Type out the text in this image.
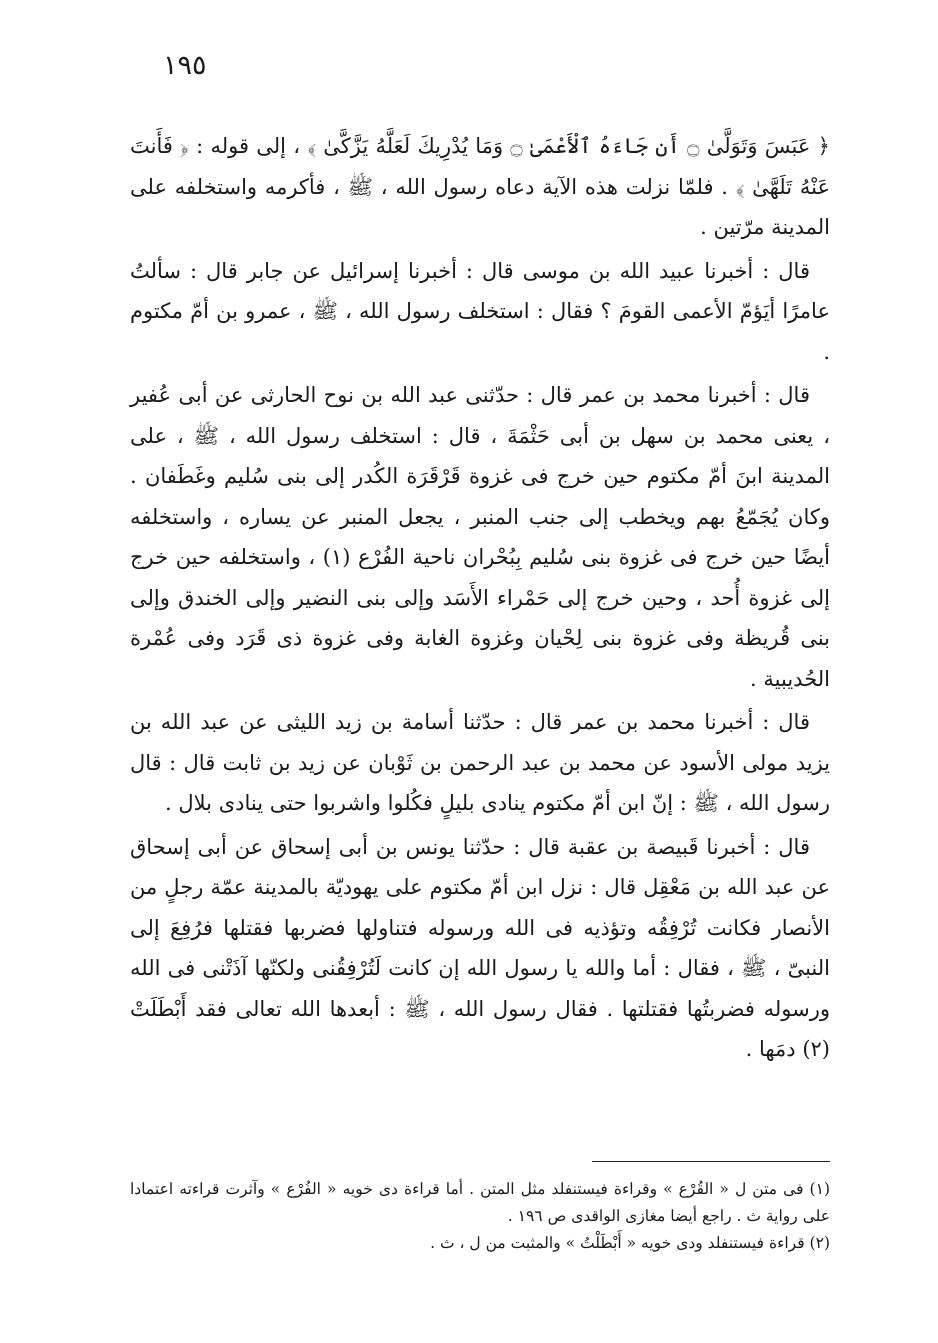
١٩٥

﴿ عَبَسَ وَتَوَلَّىٰ ۝ أَن جَاءَهُ ٱلْأَعْمَىٰ ۝ وَمَا يُدْرِيكَ لَعَلَّهُ يَزَّكَّىٰ ﴾ ، إلى قوله : ﴿ فَأَنتَ عَنْهُ تَلَهَّىٰ ﴾ . فلمّا نزلت هذه الآية دعاه رسول الله ، ﷺ ، فأكرمه واستخلفه على المدينة مرّتين .

قال : أخبرنا عبيد الله بن موسى قال : أخبرنا إسرائيل عن جابر قال : سألتُ عامرًا أيَؤمّ الأعمى القومَ ؟ فقال : استخلف رسول الله ، ﷺ ، عمرو بن أمّ مكتوم .

قال : أخبرنا محمد بن عمر قال : حدّثنى عبد الله بن نوح الحارثى عن أبى عُفير ، يعنى محمد بن سهل بن أبى حَثْمَةَ ، قال : استخلف رسول الله ، ﷺ ، على المدينة ابنَ أمّ مكتوم حين خرج فى غزوة قَرْقَرَة الكُدر إلى بنى سُليم وغَطَفان . وكان يُجَمّعُ بهم ويخطب إلى جنب المنبر ، يجعل المنبر عن يساره ، واستخلفه أيضًا حين خرج فى غزوة بنى سُليم بِبُحْران ناحية الفُرْع (١) ، واستخلفه حين خرج إلى غزوة أُحد ، وحين خرج إلى حَمْراء الأَسَد وإلى بنى النضير وإلى الخندق وإلى بنى قُريظة وفى غزوة بنى لِحْيان وغزوة الغابة وفى غزوة ذى قَرَد وفى عُمْرة الحُديبية .

قال : أخبرنا محمد بن عمر قال : حدّثنا أسامة بن زيد الليثى عن عبد الله بن يزيد مولى الأسود عن محمد بن عبد الرحمن بن ثَوْبان عن زيد بن ثابت قال : قال رسول الله ، ﷺ : إنّ ابن أمّ مكتوم ينادى بليلٍ فكُلوا واشربوا حتى ينادى بلال .

قال : أخبرنا قَبيصة بن عقبة قال : حدّثنا يونس بن أبى إسحاق عن أبى إسحاق عن عبد الله بن مَعْقِل قال : نزل ابن أمّ مكتوم على يهوديّة بالمدينة عمّة رجلٍ من الأنصار فكانت تُرْفِقُه وتؤذيه فى الله ورسوله فتناولها فضربها فقتلها فرُفِعَ إلى النبىّ ، ﷺ ، فقال : أما والله يا رسول الله إن كانت لَتُرْفِقُنى ولكنّها آذَتْنى فى الله ورسوله فضربتُها فقتلتها . فقال رسول الله ، ﷺ : أبعدها الله تعالى فقد أَبْطَلَتْ (٢) دمَها .

(١) فى متن ل « القُرْع » وقراءة فيستنفلد مثل المتن . أما قراءة دى خويه « الفُرْع » وآثرت قراءته اعتمادا على رواية ث . راجع أيضا مغازى الواقدى ص ١٩٦ .

(٢) قراءة فيستنفلد ودى خويه « أَبْطَلْتُ » والمثبت من ل ، ث .
